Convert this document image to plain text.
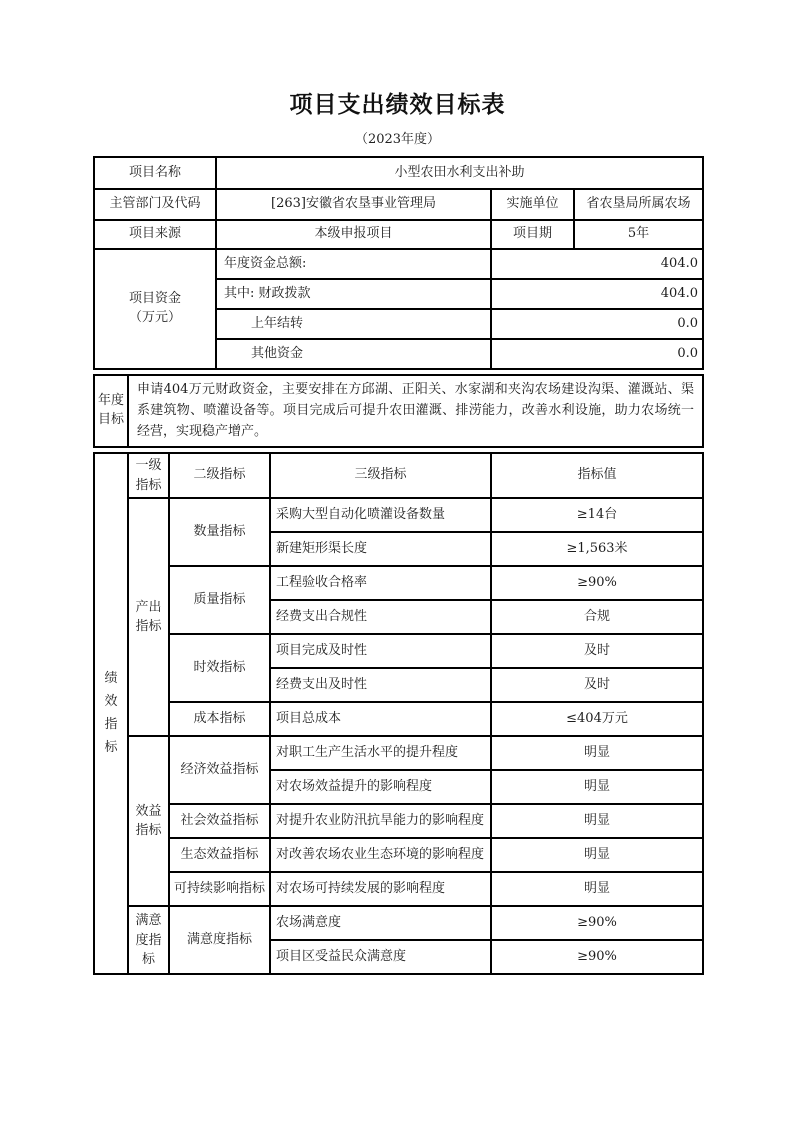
项目支出绩效目标表
（2023年度）
项目名称	小型农田水利支出补助		
主管部门及代码	[263]安徽省农垦事业管理局	实施单位	省农垦局所属农场
项目来源	本级申报项目	项目期	5年
项目资金（万元）	年度资金总额:	404.0	
	其中: 财政拨款	404.0	
	上年结转	0.0	
	其他资金	0.0	
年度目标	申请404万元财政资金，主要安排在方邱湖、正阳关、水家湖和夹沟农场建设沟渠、灌溉站、渠系建筑物、喷灌设备等。项目完成后可提升农田灌溉、排涝能力，改善水利设施，助力农场统一经营，实现稳产增产。
绩效指标	一级指标	二级指标	三级指标	指标值
	产出指标	数量指标	采购大型自动化喷灌设备数量	≥14台
			新建矩形渠长度	≥1,563米
		质量指标	工程验收合格率	≥90%
			经费支出合规性	合规
		时效指标	项目完成及时性	及时
			经费支出及时性	及时
		成本指标	项目总成本	≤404万元
	效益指标	经济效益指标	对职工生产生活水平的提升程度	明显
			对农场效益提升的影响程度	明显
		社会效益指标	对提升农业防汛抗旱能力的影响程度	明显
		生态效益指标	对改善农场农业生态环境的影响程度	明显
		可持续影响指标	对农场可持续发展的影响程度	明显
	满意度指标	满意度指标	农场满意度	≥90%
			项目区受益民众满意度	≥90%
